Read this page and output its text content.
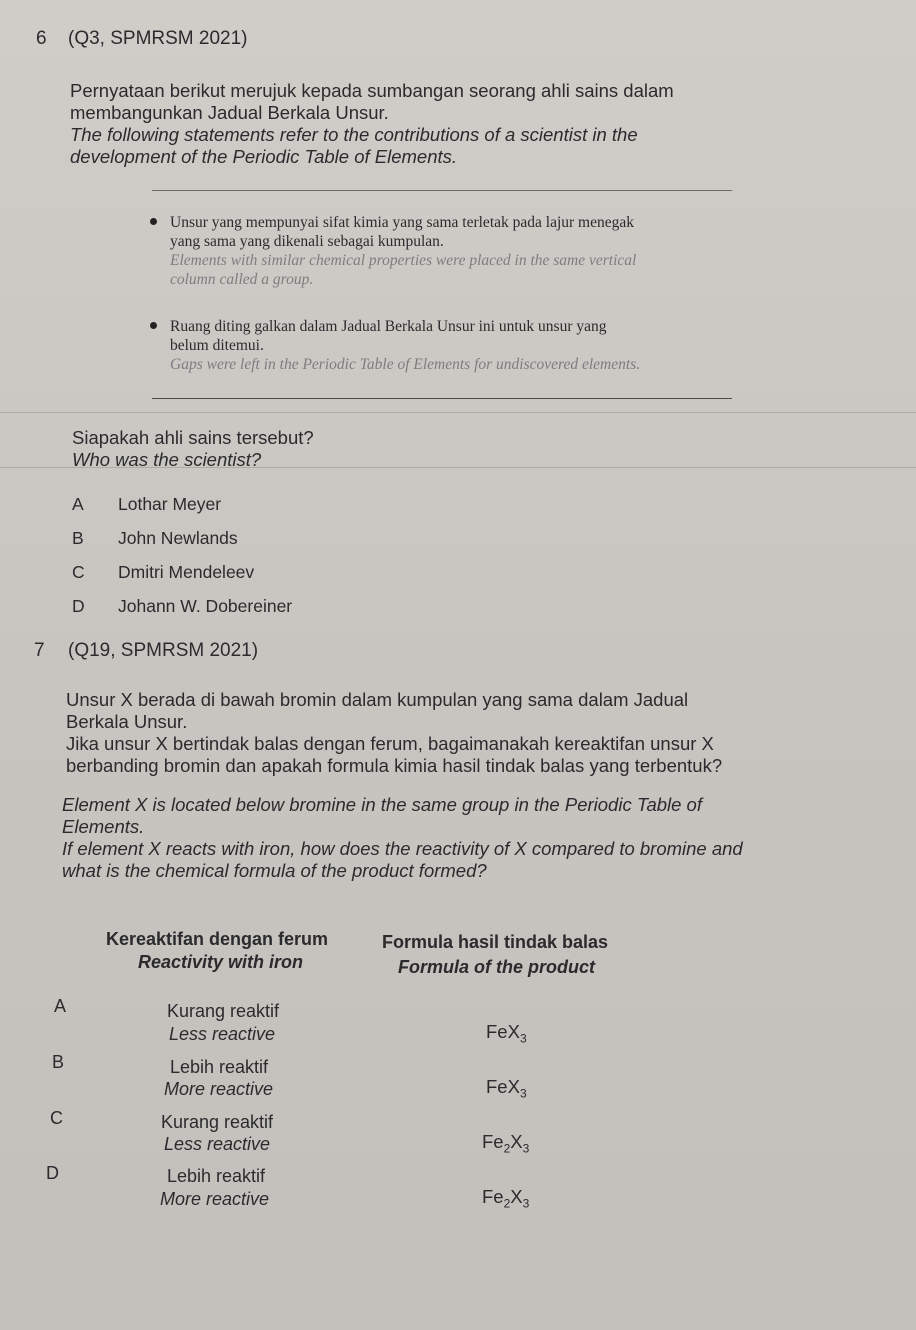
6 (Q3, SPMRSM 2021)

Pernyataan berikut merujuk kepada sumbangan seorang ahli sains dalam

membangunkan Jadual Berkala Unsur.

The following statements refer to the contributions of a scientist in the

development of the Periodic Table of Elements.

Unsur yang mempunyai sifat kimia yang sama terletak pada lajur menegak
yang sama yang dikenali sebagai kumpulan.
Elements with similar chemical properties were placed in the same vertical
column called a group.
Ruang diting galkan dalam Jadual Berkala Unsur ini untuk unsur yang
belum ditemui.
Gaps were left in the Periodic Table of Elements for undiscovered elements.

Siapakah ahli sains tersebut?

Who was the scientist?

A Lothar Meyer
B John Newlands
C Dmitri Mendeleev
D Johann W. Dobereiner
7 (Q19, SPMRSM 2021)

Unsur X berada di bawah bromin dalam kumpulan yang sama dalam Jadual

Berkala Unsur.

Jika unsur X bertindak balas dengan ferum, bagaimanakah kereaktifan unsur X

berbanding bromin dan apakah formula kimia hasil tindak balas yang terbentuk?

Element X is located below bromine in the same group in the Periodic Table of

Elements.

If element X reacts with iron, how does the reactivity of X compared to bromine and

what is the chemical formula of the product formed?

Kereaktifan dengan ferum
Reactivity with iron
Formula hasil tindak balas
Formula of the product
A	Kurang reaktif
Less reactive	FeX$_3$
B	Lebih reaktif
More reactive	FeX$_3$
C	Kurang reaktif
Less reactive	$Fe_2X_3$
D	Lebih reaktif
More reactive	$Fe_2X_3$
